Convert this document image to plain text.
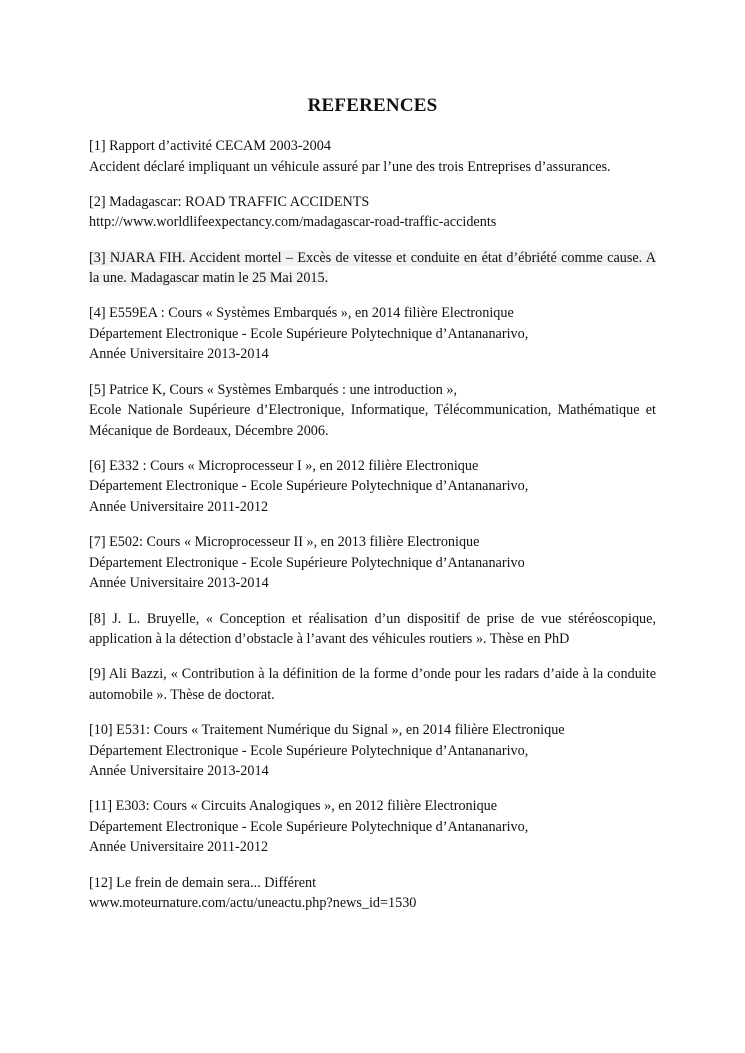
REFERENCES
[1] Rapport d’activité CECAM 2003-2004
Accident déclaré impliquant un véhicule assuré par l’une des trois Entreprises d’assurances.
[2] Madagascar: ROAD TRAFFIC ACCIDENTS
http://www.worldlifeexpectancy.com/madagascar-road-traffic-accidents
[3] NJARA FIH. Accident mortel – Excès de vitesse et conduite en état d’ébriété comme cause. A la une. Madagascar matin le 25 Mai 2015.
[4] E559EA : Cours « Systèmes Embarqués », en 2014 filière Electronique
Département Electronique - Ecole Supérieure Polytechnique d’Antananarivo,
Année Universitaire 2013-2014
[5] Patrice K, Cours « Systèmes Embarqués : une introduction »,
Ecole Nationale Supérieure d’Electronique, Informatique, Télécommunication, Mathématique et Mécanique de Bordeaux, Décembre 2006.
[6] E332 : Cours « Microprocesseur I », en 2012 filière Electronique
Département Electronique - Ecole Supérieure Polytechnique d’Antananarivo,
Année Universitaire 2011-2012
[7] E502: Cours « Microprocesseur II », en 2013 filière Electronique
Département Electronique - Ecole Supérieure Polytechnique d’Antananarivo
Année Universitaire 2013-2014
[8] J. L. Bruyelle, « Conception et réalisation d’un dispositif de prise de vue stéréoscopique, application à la détection d’obstacle à l’avant des véhicules routiers ». Thèse en PhD
[9] Ali Bazzi, « Contribution à la définition de la forme d’onde pour les radars d’aide à la conduite automobile ». Thèse de doctorat.
[10] E531: Cours « Traitement Numérique du Signal », en 2014 filière Electronique
Département Electronique - Ecole Supérieure Polytechnique d’Antananarivo,
Année Universitaire 2013-2014
[11] E303: Cours « Circuits Analogiques », en 2012 filière Electronique
Département Electronique - Ecole Supérieure Polytechnique d’Antananarivo,
Année Universitaire 2011-2012
[12] Le frein de demain sera... Différent
www.moteurnature.com/actu/uneactu.php?news_id=1530
